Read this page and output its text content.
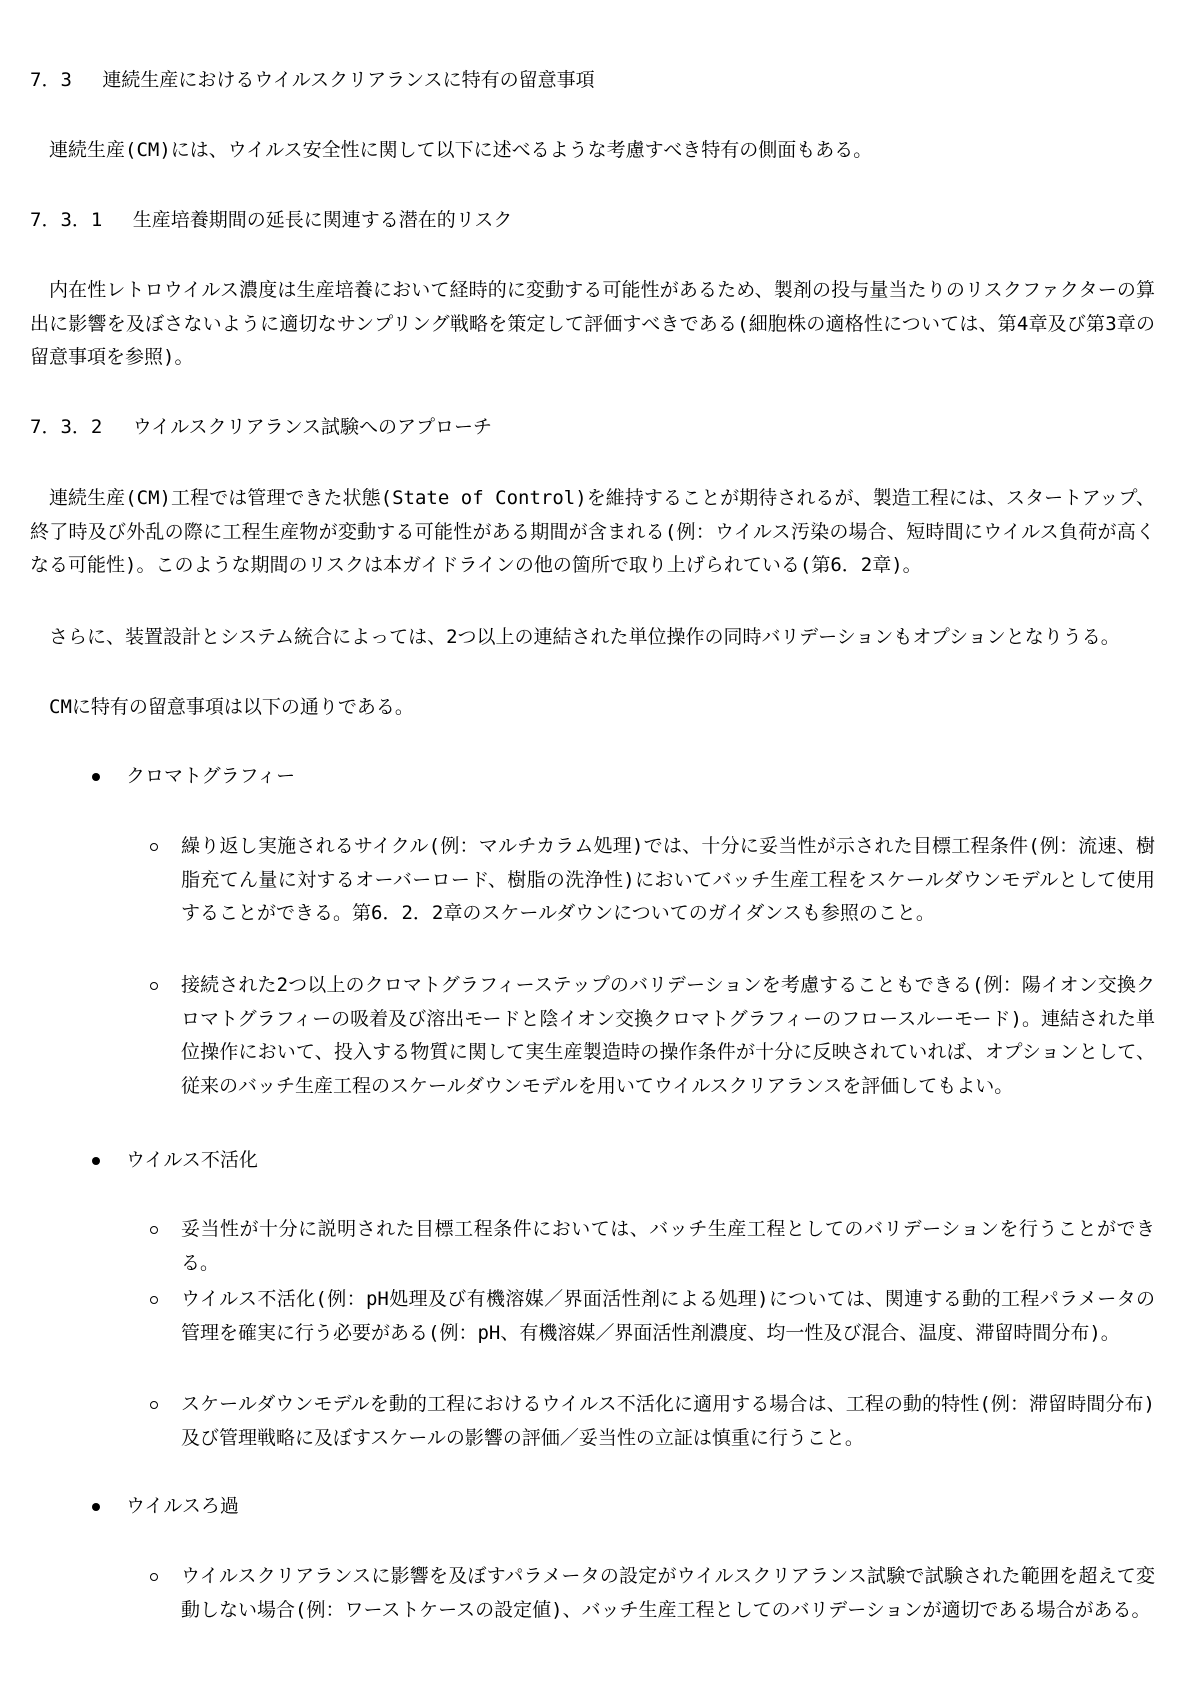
7．3　 連続生産におけるウイルスクリアランスに特有の留意事項
連続生産(CM)には、ウイルス安全性に関して以下に述べるような考慮すべき特有の側面もある。
7．3．1　 生産培養期間の延長に関連する潜在的リスク
内在性レトロウイルス濃度は生産培養において経時的に変動する可能性があるため、製剤の投与量当たりのリスクファクターの算出に影響を及ぼさないように適切なサンプリング戦略を策定して評価すべきである(細胞株の適格性については、第4章及び第3章の留意事項を参照)。
7．3．2　 ウイルスクリアランス試験へのアプローチ
連続生産(CM)工程では管理できた状態(State of Control)を維持することが期待されるが、製造工程には、スタートアップ、終了時及び外乱の際に工程生産物が変動する可能性がある期間が含まれる(例：ウイルス汚染の場合、短時間にウイルス負荷が高くなる可能性)。このような期間のリスクは本ガイドラインの他の箇所で取り上げられている(第6．2章)。
さらに、装置設計とシステム統合によっては、2つ以上の連結された単位操作の同時バリデーションもオプションとなりうる。
CMに特有の留意事項は以下の通りである。
クロマトグラフィー
繰り返し実施されるサイクル(例：マルチカラム処理)では、十分に妥当性が示された目標工程条件(例：流速、樹脂充てん量に対するオーバーロード、樹脂の洗浄性)においてバッチ生産工程をスケールダウンモデルとして使用することができる。第6．2．2章のスケールダウンについてのガイダンスも参照のこと。
接続された2つ以上のクロマトグラフィーステップのバリデーションを考慮することもできる(例：陽イオン交換クロマトグラフィーの吸着及び溶出モードと陰イオン交換クロマトグラフィーのフロースルーモード)。連結された単位操作において、投入する物質に関して実生産製造時の操作条件が十分に反映されていれば、オプションとして、従来のバッチ生産工程のスケールダウンモデルを用いてウイルスクリアランスを評価してもよい。
ウイルス不活化
妥当性が十分に説明された目標工程条件においては、バッチ生産工程としてのバリデーションを行うことができる。
ウイルス不活化(例：pH処理及び有機溶媒／界面活性剤による処理)については、関連する動的工程パラメータの管理を確実に行う必要がある(例：pH、有機溶媒／界面活性剤濃度、均一性及び混合、温度、滞留時間分布)。
スケールダウンモデルを動的工程におけるウイルス不活化に適用する場合は、工程の動的特性(例：滞留時間分布)及び管理戦略に及ぼすスケールの影響の評価／妥当性の立証は慎重に行うこと。
ウイルスろ過
ウイルスクリアランスに影響を及ぼすパラメータの設定がウイルスクリアランス試験で試験された範囲を超えて変動しない場合(例：ワーストケースの設定値)、バッチ生産工程としてのバリデーションが適切である場合がある。
